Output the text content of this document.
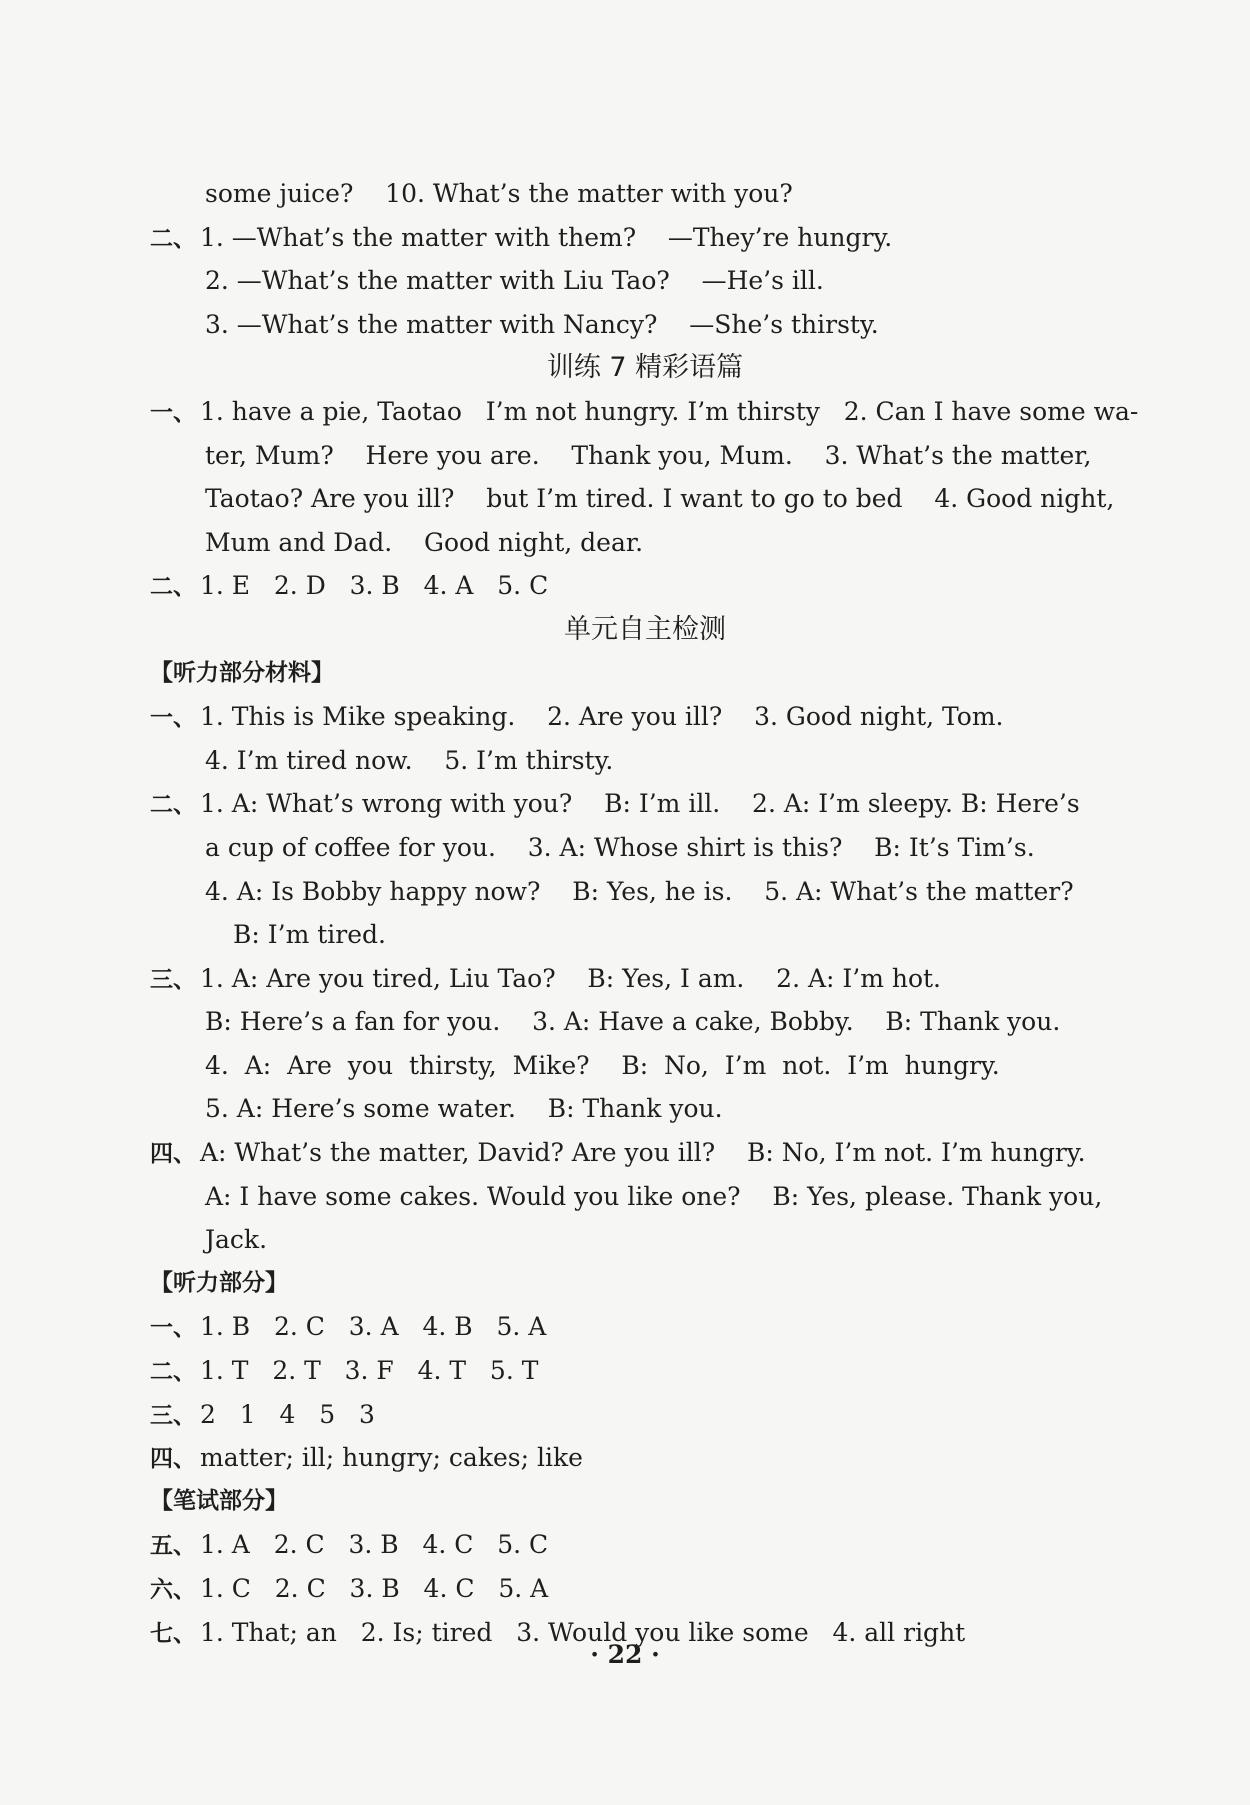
some juice?    10. What’s the matter with you?
二、 1. —What’s the matter with them?    —They’re hungry.
2. —What’s the matter with Liu Tao?    —He’s ill.
3. —What’s the matter with Nancy?    —She’s thirsty.
训练 7 精彩语篇
一、 1. have a pie, Taotao   I’m not hungry. I’m thirsty   2. Can I have some wa-
ter, Mum?    Here you are.    Thank you, Mum.    3. What’s the matter,
Taotao? Are you ill?    but I’m tired. I want to go to bed    4. Good night,
Mum and Dad.    Good night, dear.
二、 1. E   2. D   3. B   4. A   5. C
单元自主检测
【听力部分材料】
一、 1. This is Mike speaking.    2. Are you ill?    3. Good night, Tom.
4. I’m tired now.    5. I’m thirsty.
二、 1. A: What’s wrong with you?    B: I’m ill.    2. A: I’m sleepy. B: Here’s
a cup of coffee for you.    3. A: Whose shirt is this?    B: It’s Tim’s.
4. A: Is Bobby happy now?    B: Yes, he is.    5. A: What’s the matter?
B: I’m tired.
三、 1. A: Are you tired, Liu Tao?    B: Yes, I am.    2. A: I’m hot.
B: Here’s a fan for you.    3. A: Have a cake, Bobby.    B: Thank you.
4.  A:  Are  you  thirsty,  Mike?    B:  No,  I’m  not.  I’m  hungry.
5. A: Here’s some water.    B: Thank you.
四、 A: What’s the matter, David? Are you ill?    B: No, I’m not. I’m hungry.
A: I have some cakes. Would you like one?    B: Yes, please. Thank you,
Jack.
【听力部分】
一、 1. B   2. C   3. A   4. B   5. A
二、 1. T   2. T   3. F   4. T   5. T
三、 2   1   4   5   3
四、 matter; ill; hungry; cakes; like
【笔试部分】
五、 1. A   2. C   3. B   4. C   5. C
六、 1. C   2. C   3. B   4. C   5. A
七、 1. That; an   2. Is; tired   3. Would you like some   4. all right
· 22 ·
